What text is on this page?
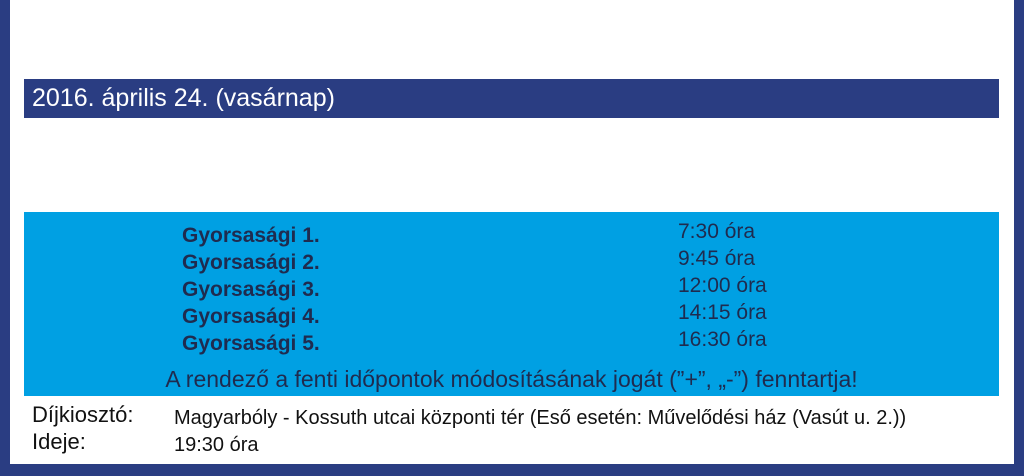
2016. április 24. (vasárnap)
Gyorsasági 1.	7:30 óra
Gyorsasági 2.	9:45 óra
Gyorsasági 3.	12:00 óra
Gyorsasági 4.	14:15 óra
Gyorsasági 5.	16:30 óra
A rendező a fenti időpontok módosításának jogát (”+”, „-”) fenntartja!
Díjkiosztó: Magyarbóly - Kossuth utcai központi tér (Eső esetén: Művelődési ház (Vasút u. 2.))
Ideje:	19:30 óra
